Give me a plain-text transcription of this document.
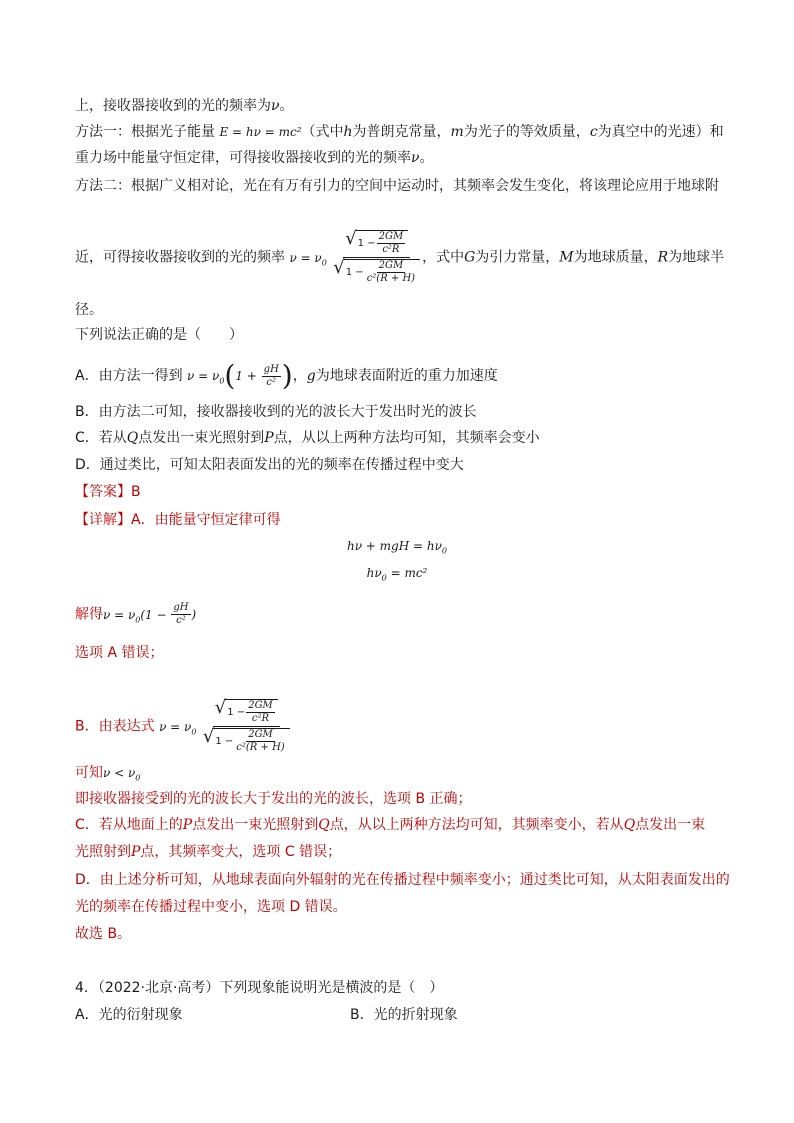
上，接收器接收到的光的频率为ν。
方法一：根据光子能量 E = hν = mc²（式中h为普朗克常量，m为光子的等效质量，c为真空中的光速）和
重力场中能量守恒定律，可得接收器接收到的光的频率ν。
方法二：根据广义相对论，光在有万有引力的空间中运动时，其频率会发生变化，将该理论应用于地球附
近，可得接收器接收到的光的频率 $\nu = \nu_0$
√ $1 - \frac{2GM}{\text{c²R}}$
√ $1 - \frac{2GM}{\text{c²(R + H)}}$
，式中G为引力常量，M为地球质量，R为地球半
径。
下列说法正确的是（　　）
A．由方法一得到 $\nu = \nu_0(1 + \frac{gH}{\text{c²}}$ )，g为地球表面附近的重力加速度
B．由方法二可知，接收器接收到的光的波长大于发出时光的波长
C．若从Q点发出一束光照射到P点，从以上两种方法均可知，其频率会变小
D．通过类比，可知太阳表面发出的光的频率在传播过程中变大
【答案】B
【详解】A．由能量守恒定律可得
hν + mgH = $h\nu_0$
$h\nu_0 = mc^2$
解得$\nu = \nu_0(1 - \frac{gH}{\text{c²}}$ )
选项 A 错误；
B．由表达式 $\nu = \nu_0$
√ $1 - \frac{2GM}{\text{c²R}}$
√ $1 - \frac{2GM}{\text{c²(R + H)}}$
可知$\nu < \nu_0$
即接收器接受到的光的波长大于发出的光的波长，选项 B 正确；
C．若从地面上的P点发出一束光照射到Q点，从以上两种方法均可知，其频率变小，若从Q点发出一束
光照射到P点，其频率变大，选项 C 错误；
D．由上述分析可知，从地球表面向外辐射的光在传播过程中频率变小；通过类比可知，从太阳表面发出的
光的频率在传播过程中变小，选项 D 错误。
故选 B。
4．（2022·北京·高考）下列现象能说明光是横波的是（　）
A．光的衍射现象	B．光的折射现象
